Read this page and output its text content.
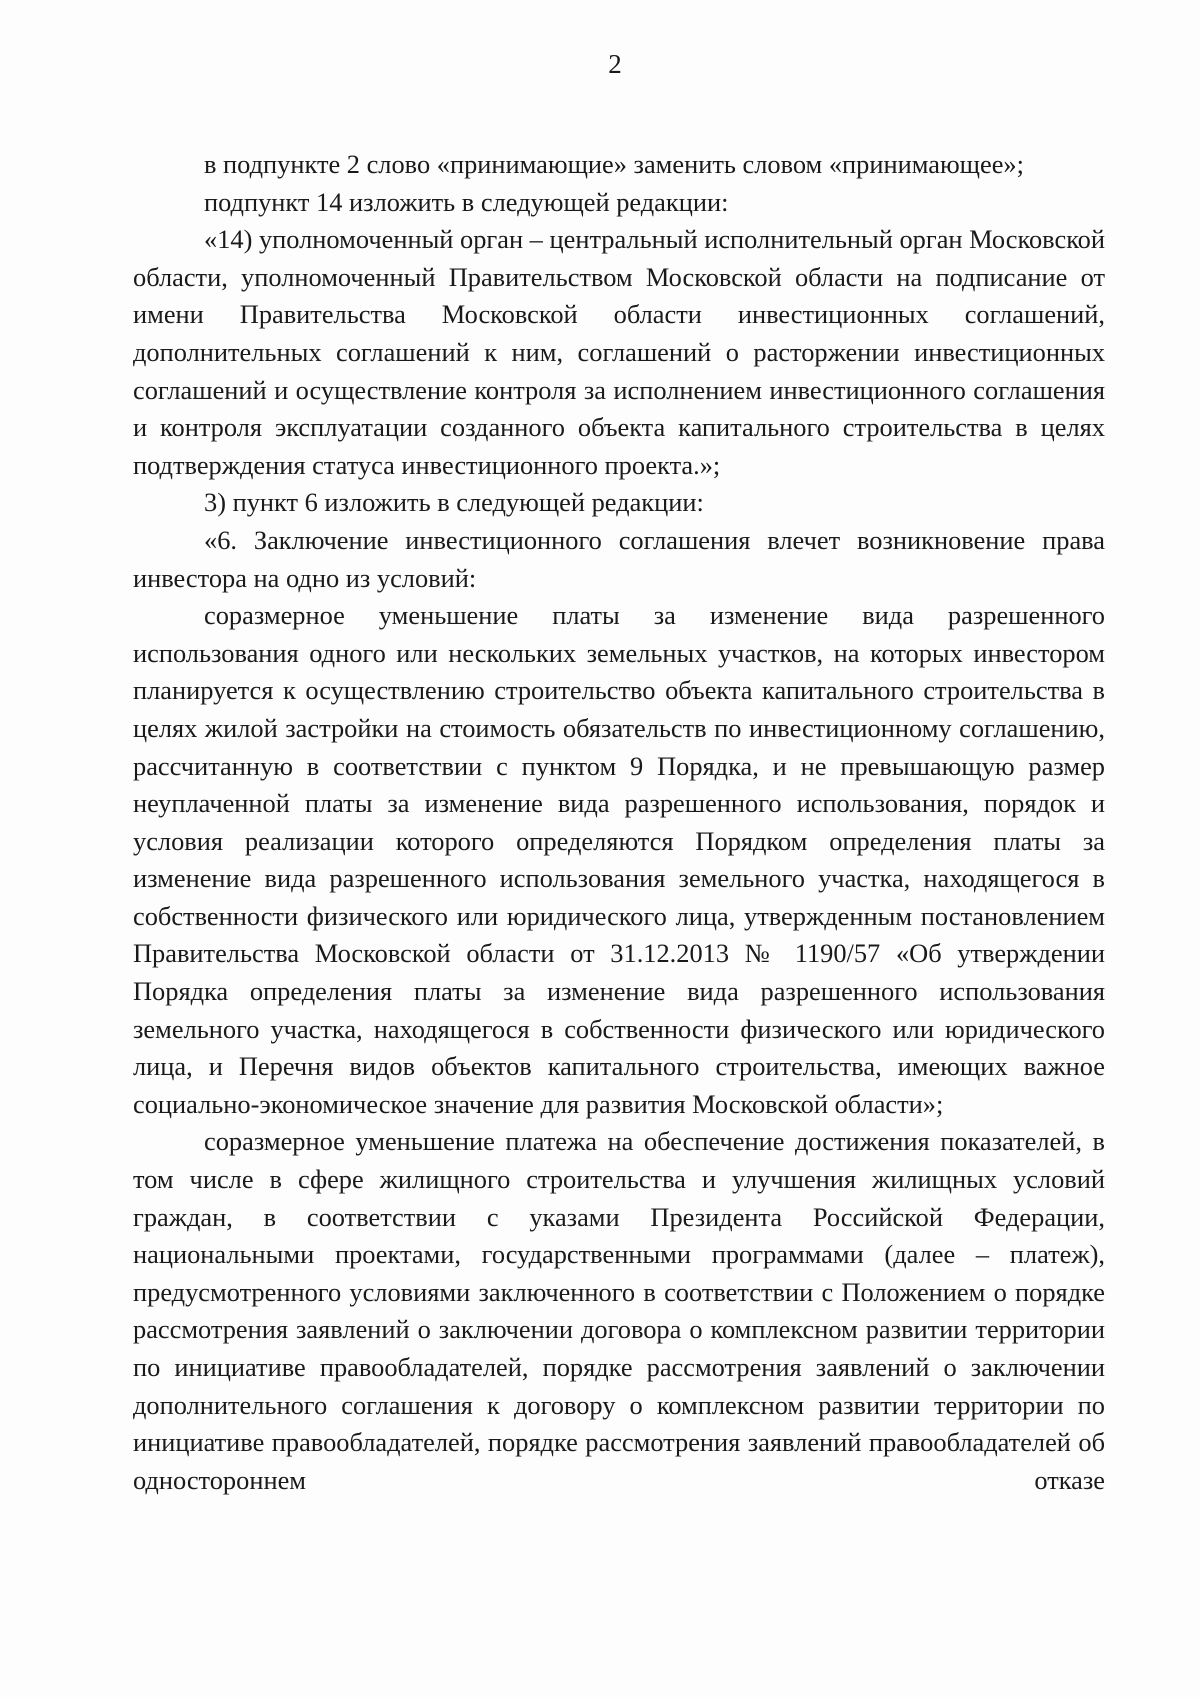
2

в подпункте 2 слово «принимающие» заменить словом «принимающее»;

подпункт 14 изложить в следующей редакции:

«14) уполномоченный орган – центральный исполнительный орган Московской области, уполномоченный Правительством Московской области на подписание от имени Правительства Московской области инвестиционных соглашений, дополнительных соглашений к ним, соглашений о расторжении инвестиционных соглашений и осуществление контроля за исполнением инвестиционного соглашения и контроля эксплуатации созданного объекта капитального строительства в целях подтверждения статуса инвестиционного проекта.»;

3) пункт 6 изложить в следующей редакции:

«6. Заключение инвестиционного соглашения влечет возникновение права инвестора на одно из условий:

соразмерное уменьшение платы за изменение вида разрешенного использования одного или нескольких земельных участков, на которых инвестором планируется к осуществлению строительство объекта капитального строительства в целях жилой застройки на стоимость обязательств по инвестиционному соглашению, рассчитанную в соответствии с пунктом 9 Порядка, и не превышающую размер неуплаченной платы за изменение вида разрешенного использования, порядок и условия реализации которого определяются Порядком определения платы за изменение вида разрешенного использования земельного участка, находящегося в собственности физического или юридического лица, утвержденным постановлением Правительства Московской области от 31.12.2013 № 1190/57 «Об утверждении Порядка определения платы за изменение вида разрешенного использования земельного участка, находящегося в собственности физического или юридического лица, и Перечня видов объектов капитального строительства, имеющих важное социально-экономическое значение для развития Московской области»;

соразмерное уменьшение платежа на обеспечение достижения показателей, в том числе в сфере жилищного строительства и улучшения жилищных условий граждан, в соответствии с указами Президента Российской Федерации, национальными проектами, государственными программами (далее – платеж), предусмотренного условиями заключенного в соответствии с Положением о порядке рассмотрения заявлений о заключении договора о комплексном развитии территории по инициативе правообладателей, порядке рассмотрения заявлений о заключении дополнительного соглашения к договору о комплексном развитии территории по инициативе правообладателей, порядке рассмотрения заявлений правообладателей об одностороннем отказе
